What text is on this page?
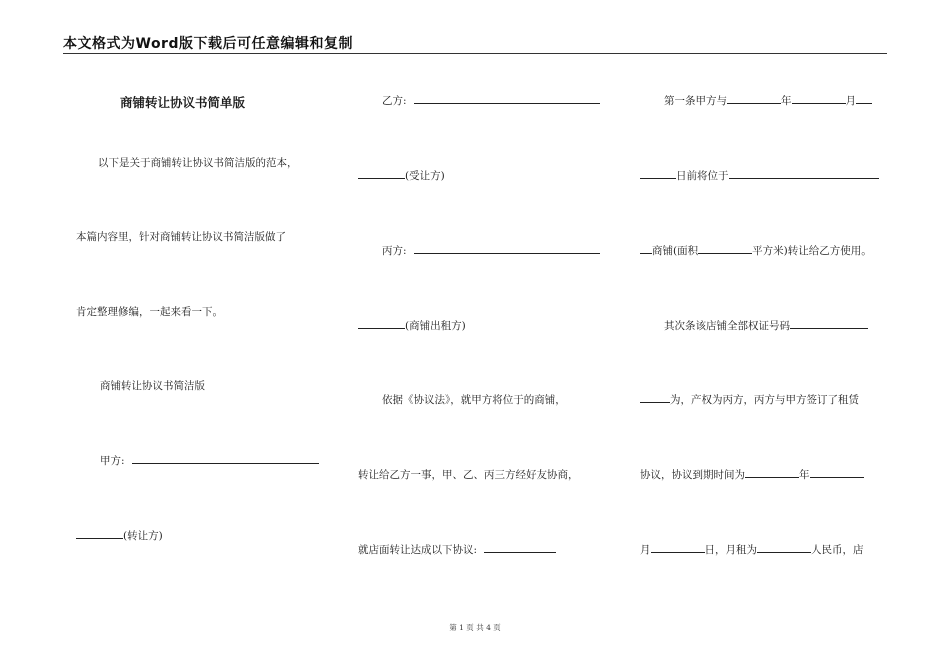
本文格式为Word版下载后可任意编辑和复制
商铺转让协议书简单版
以下是关于商铺转让协议书简洁版的范本，
本篇内容里，针对商铺转让协议书简洁版做了
肯定整理修编，一起来看一下。
商铺转让协议书简洁版
甲方:
(转让方)
乙方:
(受让方)
丙方:
(商铺出租方)
依据《协议法》，就甲方将位于的商铺，
转让给乙方一事，甲、乙、丙三方经好友协商，
就店面转让达成以下协议:
第一条甲方与	年	月
日前将位于
商铺(面积	平方米)转让给乙方使用。
其次条该店铺全部权证号码
为，产权为丙方，丙方与甲方签订了租赁
协议，协议到期时间为	年
月	日，月租为	人民币，店
第 1 页 共 4 页
